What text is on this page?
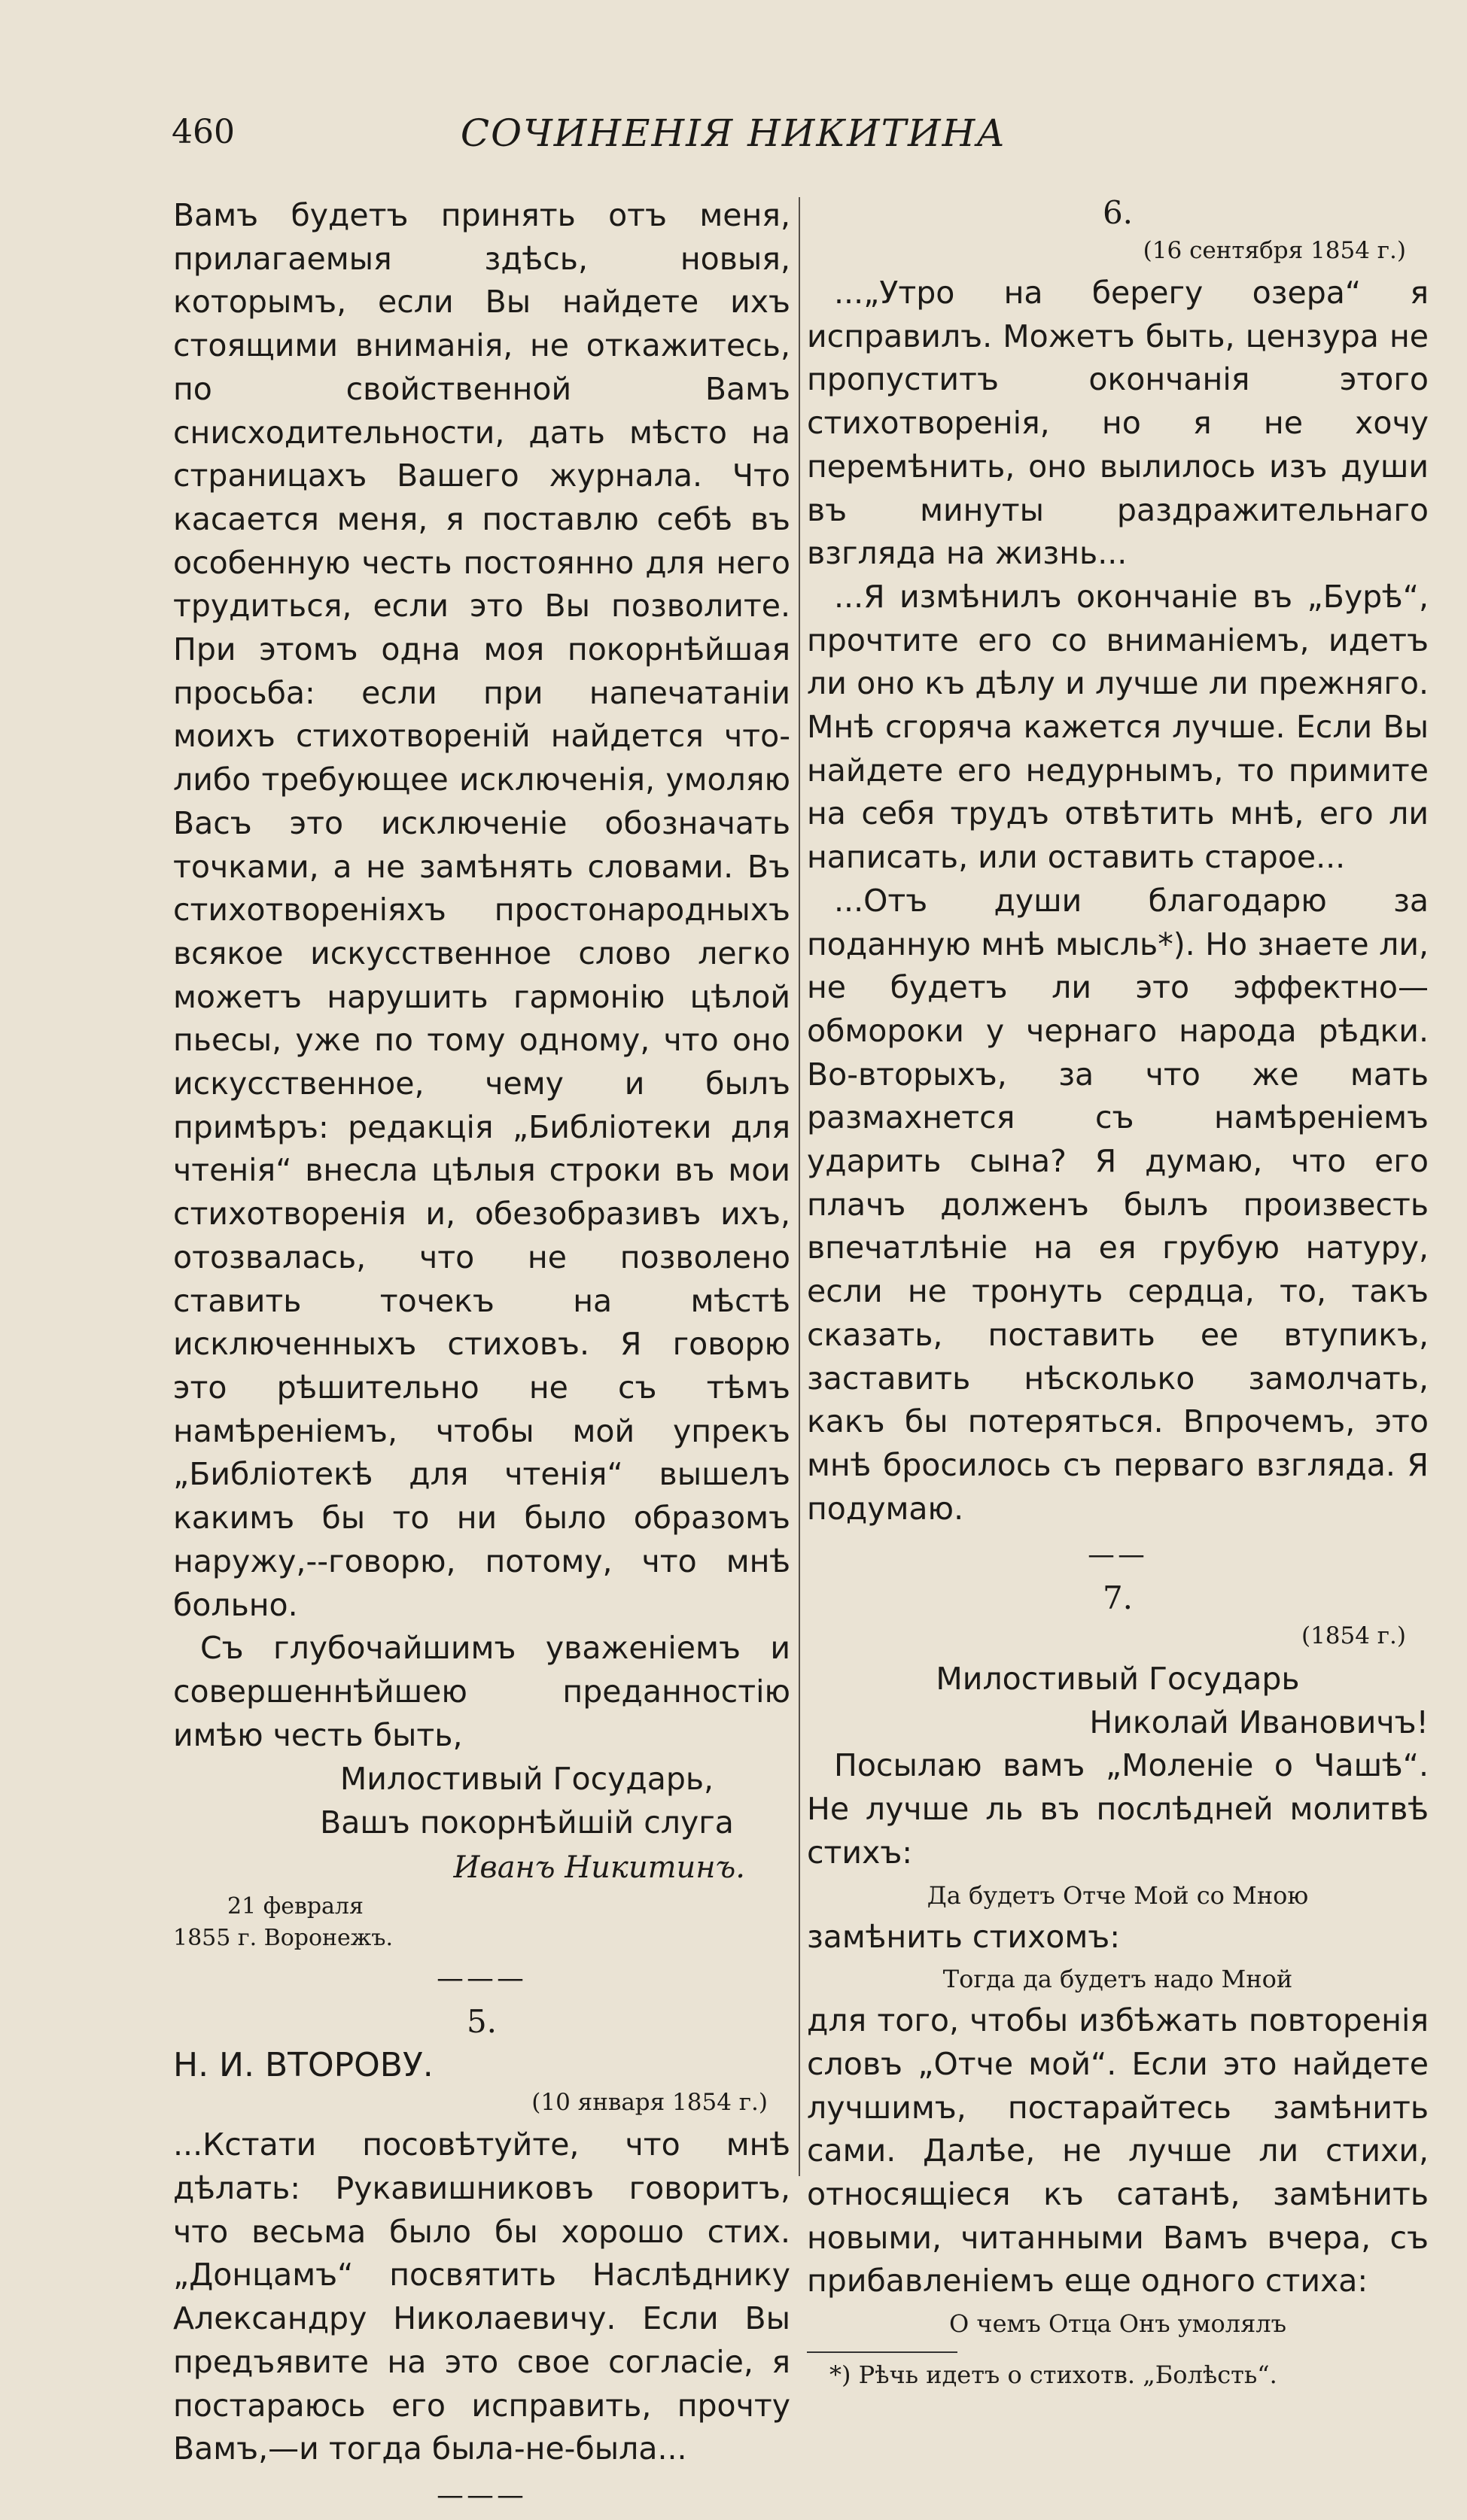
460	СОЧИНЕНІЯ НИКИТИНА

Вамъ будетъ принять отъ меня, прилагаемыя здѣсь, новыя, которымъ, если Вы найдете ихъ стоящими вниманія, не откажитесь, по свойственной Вамъ снисходительности, дать мѣсто на страницахъ Вашего журнала. Что касается меня, я поставлю себѣ въ особенную честь постоянно для него трудиться, если это Вы позволите. При этомъ одна моя покорнѣйшая просьба: если при напечатаніи моихъ стихотвореній найдется что-либо требующее исключенія, умоляю Васъ это исключеніе обозначать точками, а не замѣнять словами. Въ стихотвореніяхъ простонародныхъ всякое искусственное слово легко можетъ нарушить гармонію цѣлой пьесы, уже по тому одному, что оно искусственное, чему и былъ примѣръ: редакція „Библіотеки для чтенія“ внесла цѣлыя строки въ мои стихотворенія и, обезобразивъ ихъ, отозвалась, что не позволено ставить точекъ на мѣстѣ исключенныхъ стиховъ. Я говорю это рѣшительно не съ тѣмъ намѣреніемъ, чтобы мой упрекъ „Библіотекѣ для чтенія“ вышелъ какимъ бы то ни было образомъ наружу,--говорю, потому, что мнѣ больно.

Съ глубочайшимъ уваженіемъ и совершеннѣйшею преданностію имѣю честь быть,

Милостивый Государь,
Вашъ покорнѣйшій слуга
Иванъ Никитинъ.
21 февраля
1855 г. Воронежъ.
———
5.
Н. И. ВТОРОВУ.
(10 января 1854 г.)

...Кстати посовѣтуйте, что мнѣ дѣлать: Рукавишниковъ говоритъ, что весьма было бы хорошо стих. „Донцамъ“ посвятить Наслѣднику Александру Николаевичу. Если Вы предъявите на это свое согласіе, я постараюсь его исправить, прочту Вамъ,—и тогда была-не-была...

———
6.
(16 сентября 1854 г.)

...„Утро на берегу озера“ я исправилъ. Можетъ быть, цензура не пропуститъ окончанія этого стихотворенія, но я не хочу перемѣнить, оно вылилось изъ души въ минуты раздражительнаго взгляда на жизнь...

...Я измѣнилъ окончаніе въ „Бурѣ“, прочтите его со вниманіемъ, идетъ ли оно къ дѣлу и лучше ли прежняго. Мнѣ сгоряча кажется лучше. Если Вы найдете его недурнымъ, то примите на себя трудъ отвѣтить мнѣ, его ли написать, или оставить старое...

...Отъ души благодарю за поданную мнѣ мысль*). Но знаете ли, не будетъ ли это эффектно—обмороки у чернаго народа рѣдки. Во-вторыхъ, за что же мать размахнется съ намѣреніемъ ударить сына? Я думаю, что его плачъ долженъ былъ произвесть впечатлѣніе на ея грубую натуру, если не тронуть сердца, то, такъ сказать, поставить ее втупикъ, заставить нѣсколько замолчать, какъ бы потеряться. Впрочемъ, это мнѣ бросилось съ перваго взгляда. Я подумаю.

——
7.
(1854 г.)
Милостивый Государь
Николай Ивановичъ!

Посылаю вамъ „Моленіе о Чашѣ“. Не лучше ль въ послѣдней молитвѣ стихъ:

Да будетъ Отче Мой со Мною

замѣнить стихомъ:

Тогда да будетъ надо Мной

для того, чтобы избѣжать повторенія словъ „Отче мой“. Если это найдете лучшимъ, постарайтесь замѣнить сами. Далѣе, не лучше ли стихи, относящіеся къ сатанѣ, замѣнить новыми, читанными Вамъ вчера, съ прибавленіемъ еще одного стиха:

О чемъ Отца Онъ умолялъ
*) Рѣчь идетъ о стихотв. „Болѣсть“.
